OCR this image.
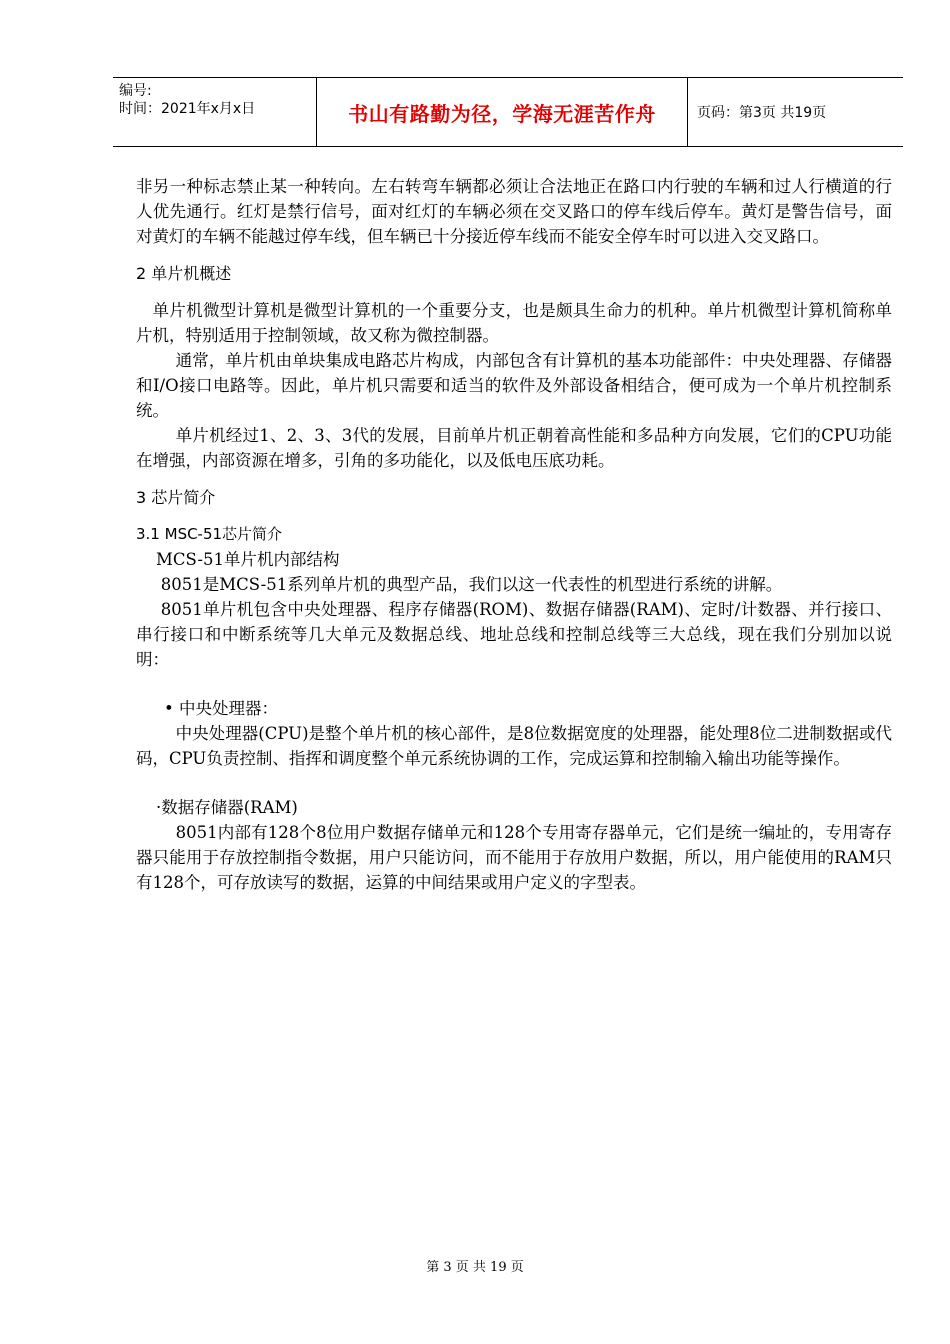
编号:
时间：2021年x月x日	书山有路勤为径，学海无涯苦作舟	页码：第3页 共19页

非另一种标志禁止某一种转向。左右转弯车辆都必须让合法地正在路口内行驶的车辆和过人行横道的行人优先通行。红灯是禁行信号，面对红灯的车辆必须在交叉路口的停车线后停车。黄灯是警告信号，面对黄灯的车辆不能越过停车线，但车辆已十分接近停车线而不能安全停车时可以进入交叉路口。

2 单片机概述

单片机微型计算机是微型计算机的一个重要分支，也是颇具生命力的机种。单片机微型计算机简称单片机，特别适用于控制领域，故又称为微控制器。

通常，单片机由单块集成电路芯片构成，内部包含有计算机的基本功能部件：中央处理器、存储器和I/O接口电路等。因此，单片机只需要和适当的软件及外部设备相结合，便可成为一个单片机控制系统。

单片机经过1、2、3、3代的发展，目前单片机正朝着高性能和多品种方向发展，它们的CPU功能在增强，内部资源在增多，引角的多功能化，以及低电压底功耗。

3 芯片简介
3.1 MSC-51芯片简介

MCS-51单片机内部结构

8051是MCS-51系列单片机的典型产品，我们以这一代表性的机型进行系统的讲解。

8051单片机包含中央处理器、程序存储器(ROM)、数据存储器(RAM)、定时/计数器、并行接口、串行接口和中断系统等几大单元及数据总线、地址总线和控制总线等三大总线，现在我们分别加以说明：

• 中央处理器：

中央处理器(CPU)是整个单片机的核心部件，是8位数据宽度的处理器，能处理8位二进制数据或代码，CPU负责控制、指挥和调度整个单元系统协调的工作，完成运算和控制输入输出功能等操作。

·数据存储器(RAM)

8051内部有128个8位用户数据存储单元和128个专用寄存器单元，它们是统一编址的，专用寄存器只能用于存放控制指令数据，用户只能访问，而不能用于存放用户数据，所以，用户能使用的RAM只有128个，可存放读写的数据，运算的中间结果或用户定义的字型表。

第 3 页 共 19 页
